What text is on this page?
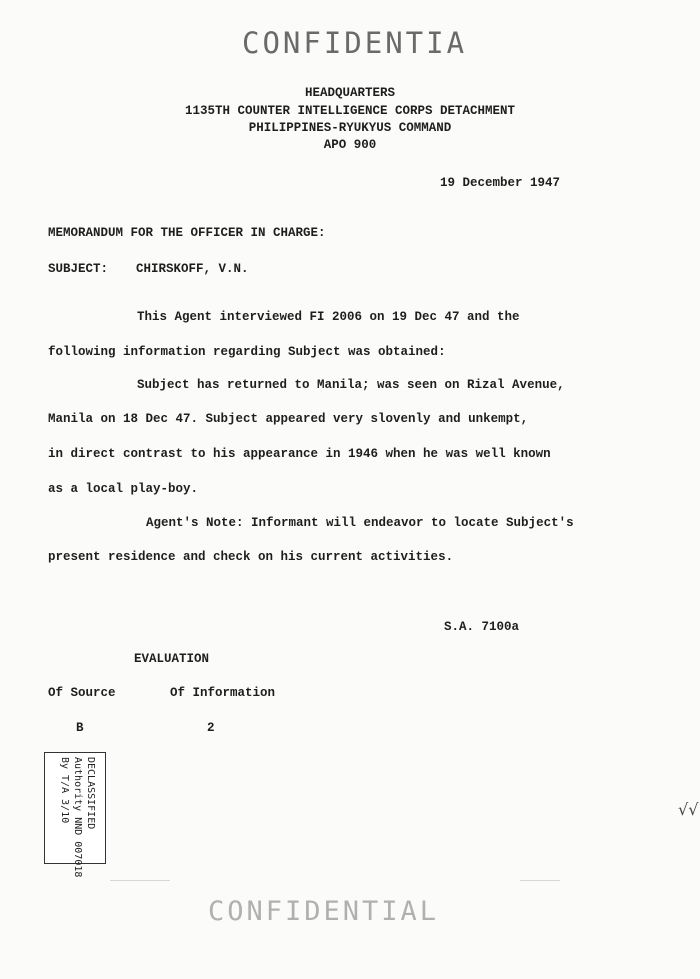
CONFIDENTIA
HEADQUARTERS
1135TH COUNTER INTELLIGENCE CORPS DETACHMENT
PHILIPPINES-RYUKYUS COMMAND
APO 900
19 December 1947
MEMORANDUM FOR THE OFFICER IN CHARGE:
SUBJECT: CHIRSKOFF, V.N.
This Agent interviewed FI 2006 on 19 Dec 47 and the
following information regarding Subject was obtained:
Subject has returned to Manila; was seen on Rizal Avenue,
Manila on 18 Dec 47. Subject appeared very slovenly and unkempt,
in direct contrast to his appearance in 1946 when he was well known
as a local play-boy.
Agent's Note: Informant will endeavor to locate Subject's
present residence and check on his current activities.
S.A. 7100a
EVALUATION
Of Source	Of Information
B	2
DECLASSIFIED
Authority NND 007018
By T/A 3/10	√√
CONFIDENTIAL
